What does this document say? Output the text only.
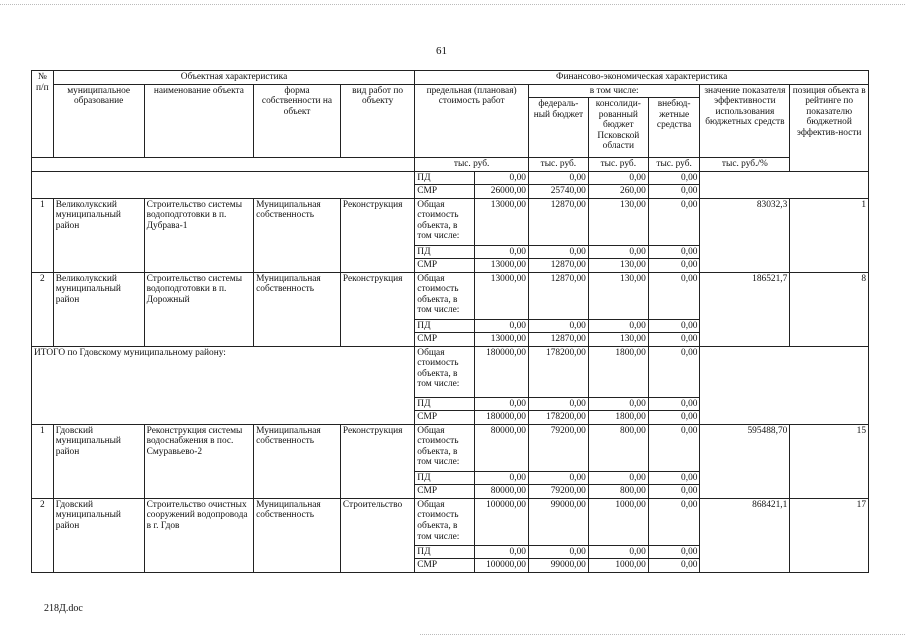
61
№ п/п	Объектная характеристика				Финансово-экономическая характеристика						
	муниципальное образование	наименование объекта	форма собственности на объект	вид работ по объекту	предельная (плановая) стоимость работ		в том числе:			значение показателя эффективности использования бюджетных средств	позиция объекта в рейтинге по показателю бюджетной эффектив-ности
							федераль-ный бюджет	консолиди-рованный бюджет Псковской области	внебюд-жетные средства		
					тыс. руб.		тыс. руб.	тыс. руб.	тыс. руб.	тыс. руб./%	
					ПД	0,00	0,00	0,00	0,00		
					СМР	26000,00	25740,00	260,00	0,00		
1	Великолукский муниципальный район	Строительство системы водоподготовки в п. Дубрава-1	Муниципальная собственность	Реконструкция	Общая стоимость объекта, в том числе:	13000,00	12870,00	130,00	0,00	83032,3	1
					ПД	0,00	0,00	0,00	0,00		
					СМР	13000,00	12870,00	130,00	0,00		
2	Великолукский муниципальный район	Строительство системы водоподготовки в п. Дорожный	Муниципальная собственность	Реконструкция	Общая стоимость объекта, в том числе:	13000,00	12870,00	130,00	0,00	186521,7	8
					ПД	0,00	0,00	0,00	0,00		
					СМР	13000,00	12870,00	130,00	0,00		
ИТОГО по Гдовскому муниципальному району:					Общая стоимость объекта, в том числе:	180000,00	178200,00	1800,00	0,00		
					ПД	0,00	0,00	0,00	0,00		
					СМР	180000,00	178200,00	1800,00	0,00		
1	Гдовский муниципальный район	Реконструкция системы водоснабжения в пос. Смуравьево-2	Муниципальная собственность	Реконструкция	Общая стоимость объекта, в том числе:	80000,00	79200,00	800,00	0,00	595488,70	15
					ПД	0,00	0,00	0,00	0,00		
					СМР	80000,00	79200,00	800,00	0,00		
2	Гдовский муниципальный район	Строительство очистных сооружений водопровода в г. Гдов	Муниципальная собственность	Строительство	Общая стоимость объекта, в том числе:	100000,00	99000,00	1000,00	0,00	868421,1	17
					ПД	0,00	0,00	0,00	0,00		
					СМР	100000,00	99000,00	1000,00	0,00		
218Д.doc
